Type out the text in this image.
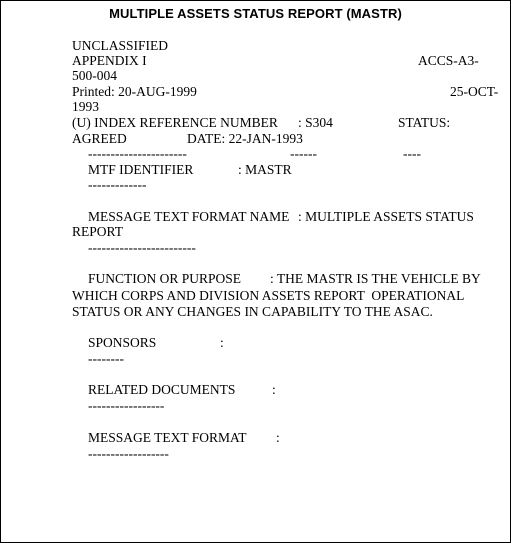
MULTIPLE ASSETS STATUS REPORT (MASTR)
UNCLASSIFIED
APPENDIX I	ACCS-A3-
500-004
Printed: 20-AUG-1999	25-OCT-
1993
(U) INDEX REFERENCE NUMBER : S304	STATUS:
AGREED	DATE: 22-JAN-1993
----------------------	------	----
MTF IDENTIFIER	: MASTR
-------------
MESSAGE TEXT FORMAT NAME : MULTIPLE ASSETS STATUS
REPORT
------------------------
FUNCTION OR PURPOSE : THE MASTR IS THE VEHICLE BY
WHICH CORPS AND DIVISION ASSETS REPORT  OPERATIONAL
STATUS OR ANY CHANGES IN CAPABILITY TO THE ASAC.
SPONSORS	:
--------
RELATED DOCUMENTS	:
-----------------
MESSAGE TEXT FORMAT :
------------------
